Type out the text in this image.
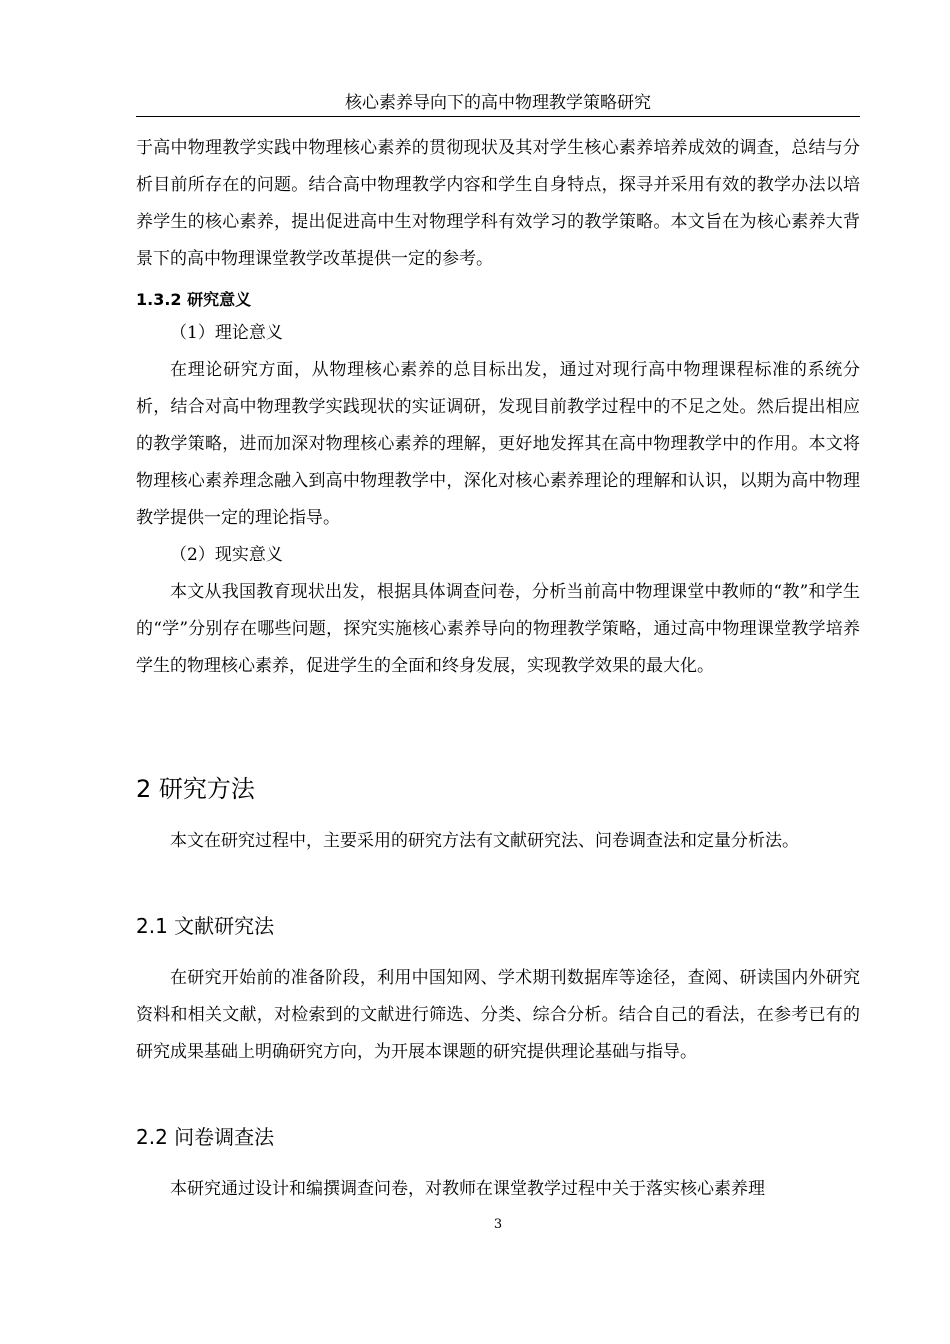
核心素养导向下的高中物理教学策略研究

于高中物理教学实践中物理核心素养的贯彻现状及其对学生核心素养培养成效的调查，总结与分析目前所存在的问题。结合高中物理教学内容和学生自身特点，探寻并采用有效的教学办法以培养学生的核心素养，提出促进高中生对物理学科有效学习的教学策略。本文旨在为核心素养大背景下的高中物理课堂教学改革提供一定的参考。

1.3.2 研究意义

（1）理论意义

在理论研究方面，从物理核心素养的总目标出发，通过对现行高中物理课程标准的系统分析，结合对高中物理教学实践现状的实证调研，发现目前教学过程中的不足之处。然后提出相应的教学策略，进而加深对物理核心素养的理解，更好地发挥其在高中物理教学中的作用。本文将物理核心素养理念融入到高中物理教学中，深化对核心素养理论的理解和认识，以期为高中物理教学提供一定的理论指导。

（2）现实意义

本文从我国教育现状出发，根据具体调查问卷，分析当前高中物理课堂中教师的“教”和学生的“学”分别存在哪些问题，探究实施核心素养导向的物理教学策略，通过高中物理课堂教学培养学生的物理核心素养，促进学生的全面和终身发展，实现教学效果的最大化。

2 研究方法

本文在研究过程中，主要采用的研究方法有文献研究法、问卷调查法和定量分析法。

2.1 文献研究法

在研究开始前的准备阶段，利用中国知网、学术期刊数据库等途径，查阅、研读国内外研究资料和相关文献，对检索到的文献进行筛选、分类、综合分析。结合自己的看法，在参考已有的研究成果基础上明确研究方向，为开展本课题的研究提供理论基础与指导。

2.2 问卷调查法

本研究通过设计和编撰调查问卷，对教师在课堂教学过程中关于落实核心素养理

3
